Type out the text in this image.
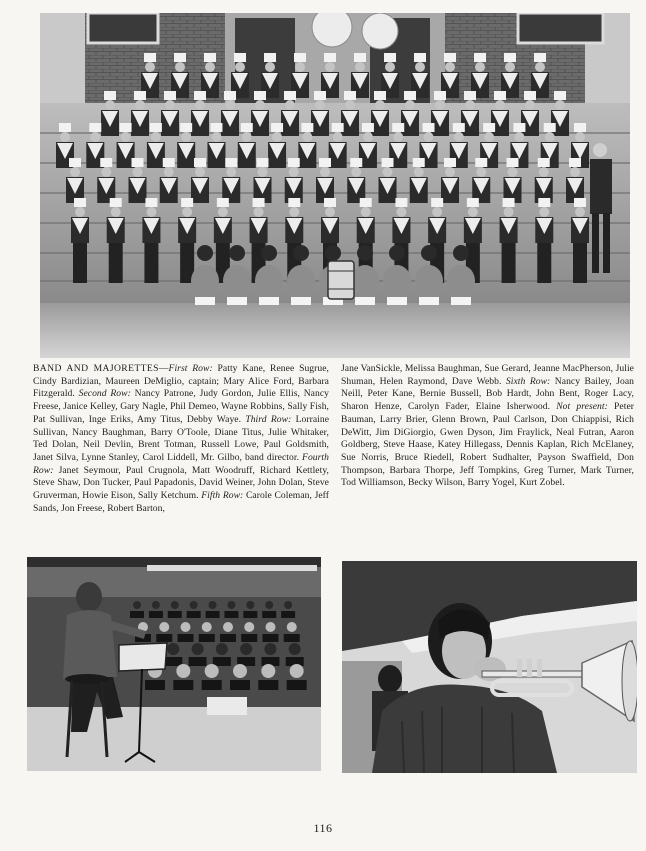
BAND AND MAJORETTES—First Row: Patty Kane, Renee Sugrue, Cindy Bardizian, Maureen DeMiglio, captain; Mary Alice Ford, Barbara Fitzgerald. Second Row: Nancy Patrone, Judy Gordon, Julie Ellis, Nancy Freese, Janice Kelley, Gary Nagle, Phil Demeo, Wayne Robbins, Sally Fish, Pat Sullivan, Inge Eriks, Amy Titus, Debby Waye. Third Row: Lorraine Sullivan, Nancy Baughman, Barry O'Toole, Diane Titus, Julie Whitaker, Ted Dolan, Neil Devlin, Brent Totman, Russell Lowe, Paul Goldsmith, Janet Silva, Lynne Stanley, Carol Liddell, Mr. Gilbo, band director. Fourth Row: Janet Seymour, Paul Crugnola, Matt Woodruff, Richard Kettlety, Steve Shaw, Don Tucker, Paul Papadonis, David Weiner, John Dolan, Steve Gruverman, Howie Eison, Sally Ketchum. Fifth Row: Carole Coleman, Jeff Sands, Jon Freese, Robert Barton,
Jane VanSickle, Melissa Baughman, Sue Gerard, Jeanne MacPherson, Julie Shuman, Helen Raymond, Dave Webb. Sixth Row: Nancy Bailey, Joan Neill, Peter Kane, Bernie Bussell, Bob Hardt, John Bent, Roger Lacy, Sharon Henze, Carolyn Fader, Elaine Isherwood. Not present: Peter Bauman, Larry Brier, Glenn Brown, Paul Carlson, Don Chiappisi, Rich DeWitt, Jim DiGiorgio, Gwen Dyson, Jim Fraylick, Neal Futran, Aaron Goldberg, Steve Haase, Katey Hillegass, Dennis Kaplan, Rich McElaney, Sue Norris, Bruce Riedell, Robert Sudhalter, Payson Swaffield, Don Thompson, Barbara Thorpe, Jeff Tompkins, Greg Turner, Mark Turner, Tod Williamson, Becky Wilson, Barry Yogel, Kurt Zobel.
116
